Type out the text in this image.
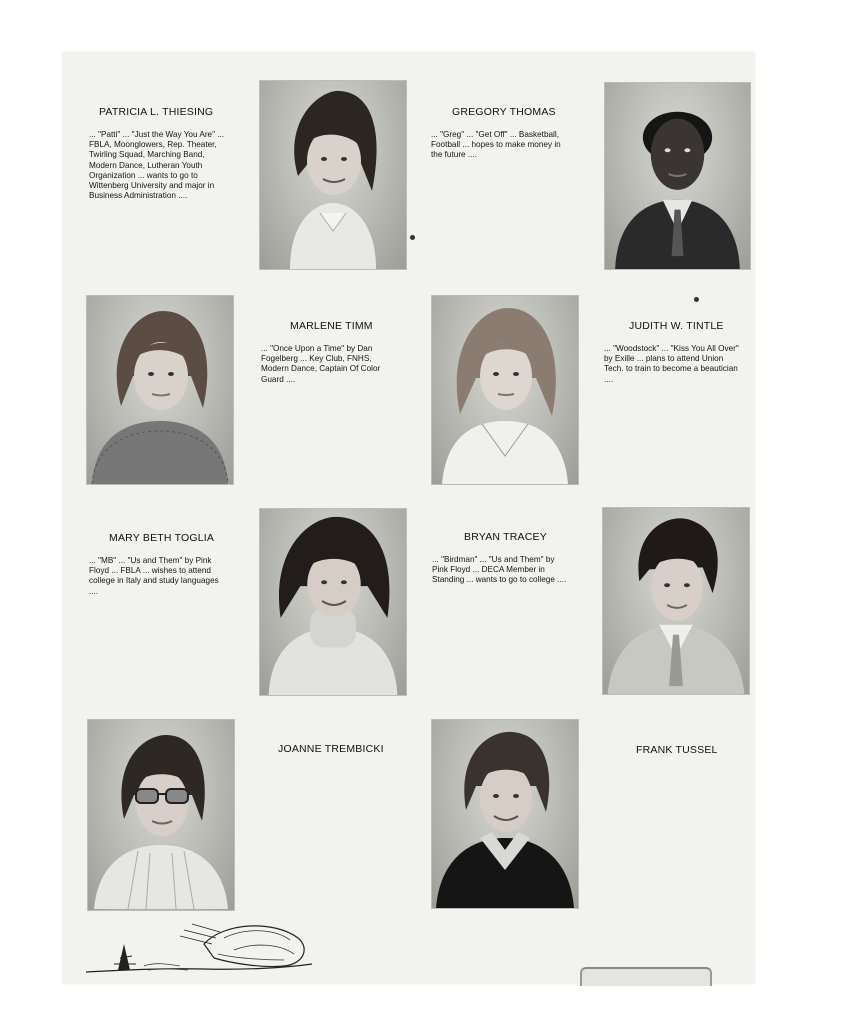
PATRICIA L. THIESING
... "Patti" ... "Just the Way You Are" ... FBLA, Moonglowers, Rep. Theater, Twirling Squad, Marching Band, Modern Dance, Lutheran Youth Organization ... wants to go to Wittenberg University and major in Business Administration ....
GREGORY THOMAS
... "Greg" ... "Get Off" ... Basketball, Football ... hopes to make money in the future ....
MARLENE TIMM
... "Once Upon a Time" by Dan Fogelberg ... Key Club, FNHS, Modern Dance, Captain Of Color Guard ....
JUDITH W. TINTLE
... "Woodstock" ... "Kiss You All Over" by Exille ... plans to attend Union Tech. to train to become a beautician ....
MARY BETH TOGLIA
... "MB" ... "Us and Them" by Pink Floyd ... FBLA ... wishes to attend college in Italy and study languages ....
BRYAN TRACEY
... "Birdman" ... "Us and Them" by Pink Floyd ... DECA Member in Standing ... wants to go to college ....
JOANNE TREMBICKI	FRANK TUSSEL
